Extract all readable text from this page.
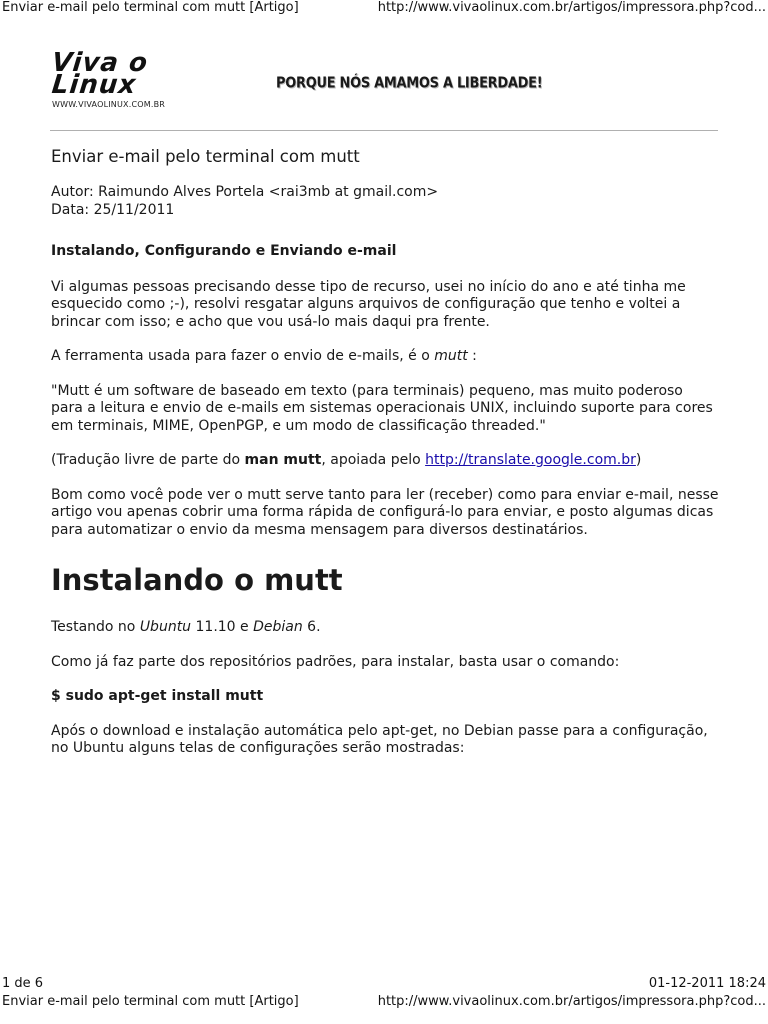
Enviar e-mail pelo terminal com mutt [Artigo]	http://www.vivaolinux.com.br/artigos/impressora.php?cod...
Viva o
Linux
WWW.VIVAOLINUX.COM.BR
PORQUE NÓS AMAMOS A LIBERDADE!
Enviar e-mail pelo terminal com mutt

Autor: Raimundo Alves Portela <rai3mb at gmail.com>
Data: 25/11/2011

Instalando, Configurando e Enviando e-mail

Vi algumas pessoas precisando desse tipo de recurso, usei no início do ano e até tinha me esquecido como ;-), resolvi resgatar alguns arquivos de configuração que tenho e voltei a brincar com isso; e acho que vou usá-lo mais daqui pra frente.

A ferramenta usada para fazer o envio de e-mails, é o mutt :

"Mutt é um software de baseado em texto (para terminais) pequeno, mas muito poderoso para a leitura e envio de e-mails em sistemas operacionais UNIX, incluindo suporte para cores em terminais, MIME, OpenPGP, e um modo de classificação threaded."

(Tradução livre de parte do man mutt, apoiada pelo http://translate.google.com.br)

Bom como você pode ver o mutt serve tanto para ler (receber) como para enviar e-mail, nesse artigo vou apenas cobrir uma forma rápida de configurá-lo para enviar, e posto algumas dicas para automatizar o envio da mesma mensagem para diversos destinatários.

Instalando o mutt

Testando no Ubuntu 11.10 e Debian 6.

Como já faz parte dos repositórios padrões, para instalar, basta usar o comando:

$ sudo apt-get install mutt

Após o download e instalação automática pelo apt-get, no Debian passe para a configuração, no Ubuntu alguns telas de configurações serão mostradas:

1 de 6	01-12-2011 18:24
Enviar e-mail pelo terminal com mutt [Artigo]	http://www.vivaolinux.com.br/artigos/impressora.php?cod...
